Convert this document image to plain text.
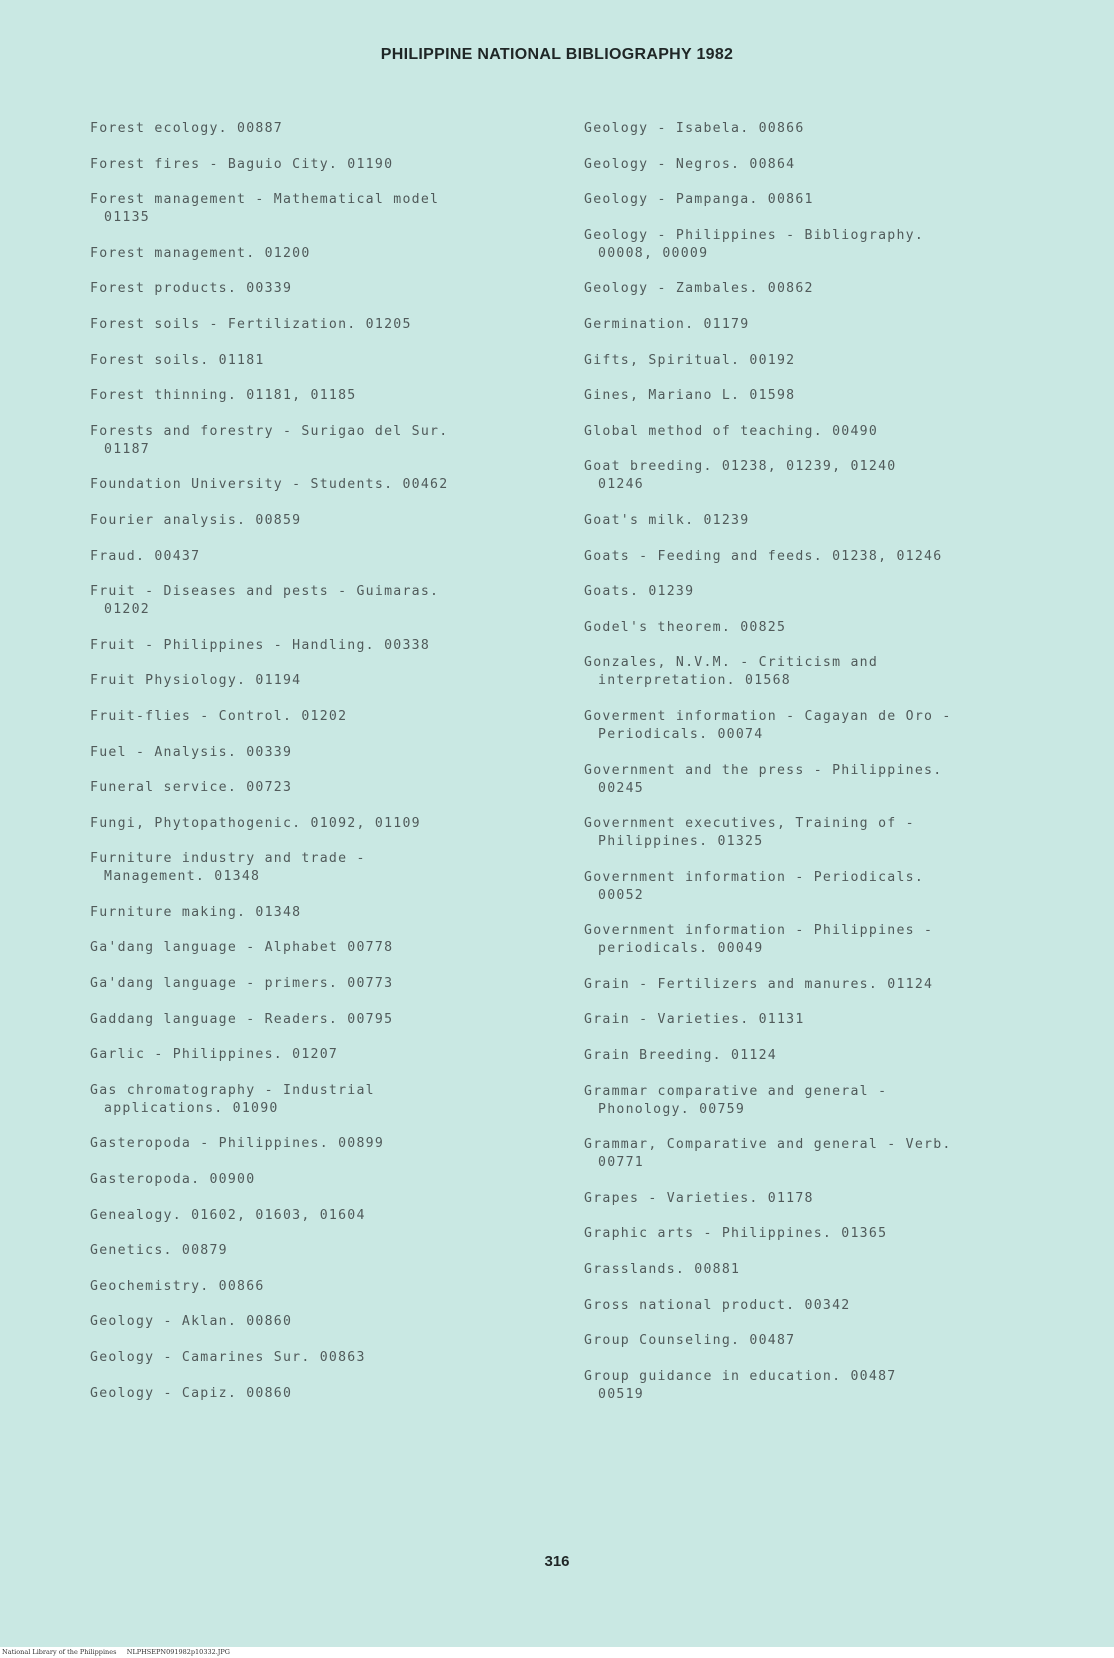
PHILIPPINE NATIONAL BIBLIOGRAPHY 1982
Forest ecology. 00887
Forest fires - Baguio City. 01190
Forest management - Mathematical model
01135
Forest management. 01200
Forest products. 00339
Forest soils - Fertilization. 01205
Forest soils. 01181
Forest thinning. 01181, 01185
Forests and forestry - Surigao del Sur.
01187
Foundation University - Students. 00462
Fourier analysis. 00859
Fraud. 00437
Fruit - Diseases and pests - Guimaras.
01202
Fruit - Philippines - Handling. 00338
Fruit Physiology. 01194
Fruit-flies - Control. 01202
Fuel - Analysis. 00339
Funeral service. 00723
Fungi, Phytopathogenic. 01092, 01109
Furniture industry and trade -
Management. 01348
Furniture making. 01348
Ga'dang language - Alphabet 00778
Ga'dang language - primers. 00773
Gaddang language - Readers. 00795
Garlic - Philippines. 01207
Gas chromatography - Industrial
applications. 01090
Gasteropoda - Philippines. 00899
Gasteropoda. 00900
Genealogy. 01602, 01603, 01604
Genetics. 00879
Geochemistry. 00866
Geology - Aklan. 00860
Geology - Camarines Sur. 00863
Geology - Capiz. 00860
Geology - Isabela. 00866
Geology - Negros. 00864
Geology - Pampanga. 00861
Geology - Philippines - Bibliography.
00008, 00009
Geology - Zambales. 00862
Germination. 01179
Gifts, Spiritual. 00192
Gines, Mariano L. 01598
Global method of teaching. 00490
Goat breeding. 01238, 01239, 01240
01246
Goat's milk. 01239
Goats - Feeding and feeds. 01238, 01246
Goats. 01239
Godel's theorem. 00825
Gonzales, N.V.M. - Criticism and
interpretation. 01568
Goverment information - Cagayan de Oro -
Periodicals. 00074
Government and the press - Philippines.
00245
Government executives, Training of -
Philippines. 01325
Government information - Periodicals.
00052
Government information - Philippines -
periodicals. 00049
Grain - Fertilizers and manures. 01124
Grain - Varieties. 01131
Grain Breeding. 01124
Grammar comparative and general -
Phonology. 00759
Grammar, Comparative and general - Verb.
00771
Grapes - Varieties. 01178
Graphic arts - Philippines. 01365
Grasslands. 00881
Gross national product. 00342
Group Counseling. 00487
Group guidance in education. 00487
00519
316
National Library of the Philippines NLPHSEPN091982p10332.JPG
